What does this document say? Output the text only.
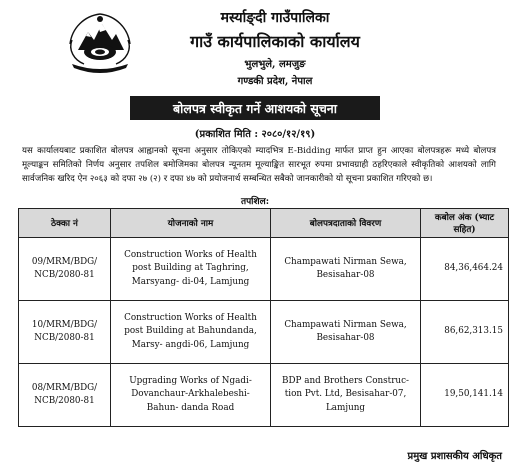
मर्स्याङ्दी गाउँपालिका
गाउँ कार्यपालिकाको कार्यालय
भुलभुले, लमजुङ
गण्डकी प्रदेश, नेपाल
बोलपत्र स्वीकृत गर्ने आशयको सूचना
(प्रकाशित मिति : २०८०/१२/१९)
यस कार्यालयबाट प्रकाशित बोलपत्र आह्वानको सूचना अनुसार तोकिएको म्यादभित्र E-Bidding मार्फत प्राप्त हुन आएका बोलपत्रहरू मध्ये बोलपत्र मूल्याङ्कन समितिको निर्णय अनुसार तपशिल बमोजिमका बोलपत्र न्यूनतम मूल्याङ्कित सारभूत रुपमा प्रभावग्राही ठहरिएकाले स्वीकृतिको आशयको लागि सार्वजनिक खरिद ऐन २०६३ को दफा २७ (२) र दफा ४७ को प्रयोजनार्थ सम्बन्धित सबैको जानकारीको यो सूचना प्रकाशित गरिएको छ।
तपशिल:
ठेक्का नं	योजनाको नाम	बोलपत्रदाताको विवरण	कबोल अंक (भ्याट सहित)
09/MRM/BDG/ NCB/2080-81	Construction Works of Health post Building at Taghring, Marsyang- di-04, Lamjung	Champawati Nirman Sewa, Besisahar-08	84,36,464.24
10/MRM/BDG/ NCB/2080-81	Construction Works of Health post Building at Bahundanda, Marsy- angdi-06, Lamjung	Champawati Nirman Sewa, Besisahar-08	86,62,313.15
08/MRM/BDG/ NCB/2080-81	Upgrading Works of Ngadi- Dovanchaur-Arkhalebeshi-Bahun- danda Road	BDP and Brothers Construc- tion Pvt. Ltd, Besisahar-07, Lamjung	19,50,141.14
प्रमुख प्रशासकीय अधिकृत
